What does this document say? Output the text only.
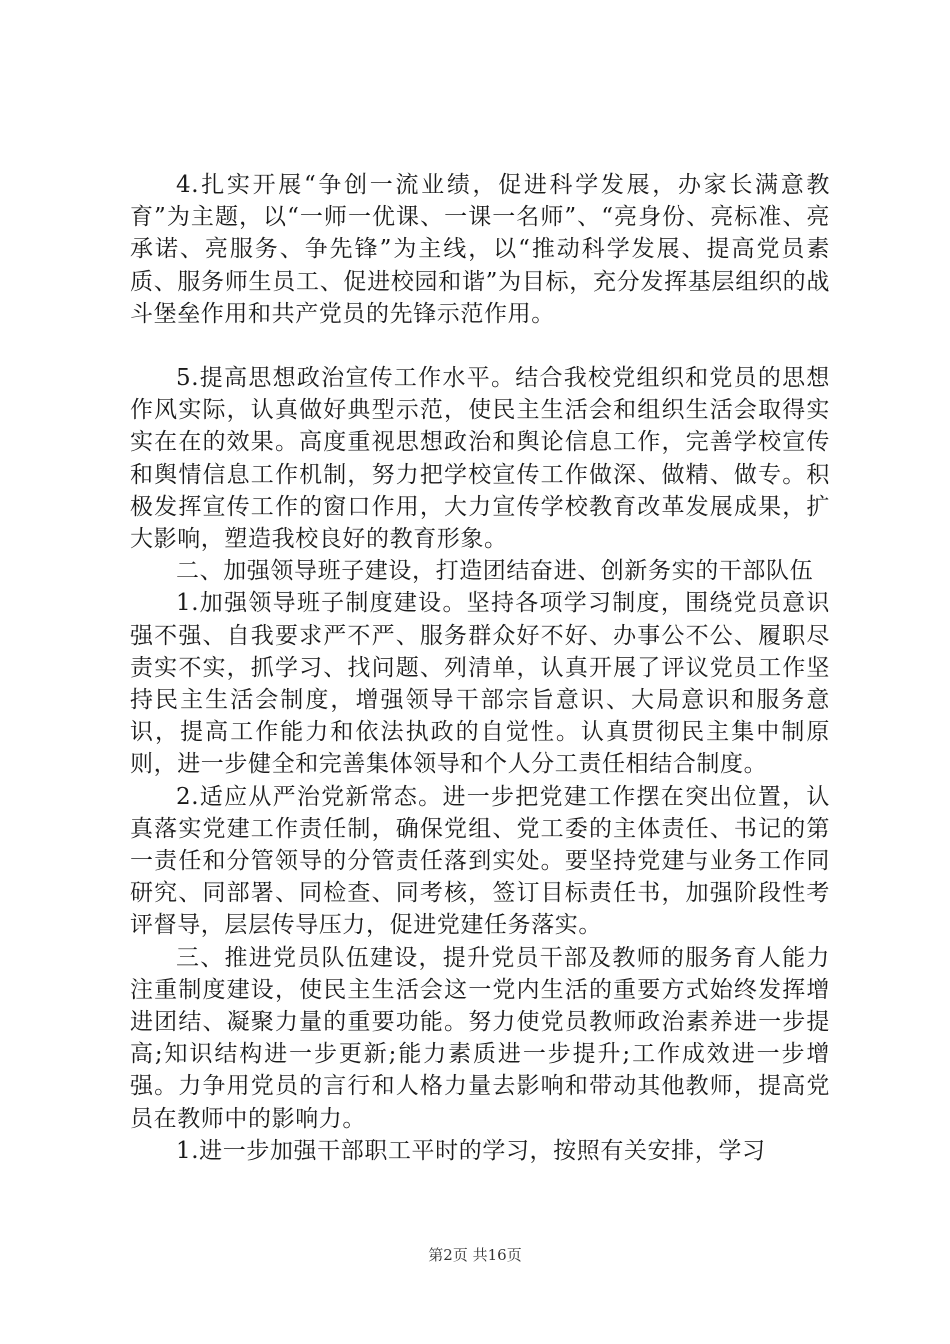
4.扎实开展“争创一流业绩，促进科学发展，办家长满意教育”为主题，以“一师一优课、一课一名师”、“亮身份、亮标准、亮承诺、亮服务、争先锋”为主线，以“推动科学发展、提高党员素质、服务师生员工、促进校园和谐”为目标，充分发挥基层组织的战斗堡垒作用和共产党员的先锋示范作用。

5.提高思想政治宣传工作水平。结合我校党组织和党员的思想作风实际，认真做好典型示范，使民主生活会和组织生活会取得实实在在的效果。高度重视思想政治和舆论信息工作，完善学校宣传和舆情信息工作机制，努力把学校宣传工作做深、做精、做专。积极发挥宣传工作的窗口作用，大力宣传学校教育改革发展成果，扩大影响，塑造我校良好的教育形象。

二、加强领导班子建设，打造团结奋进、创新务实的干部队伍

1.加强领导班子制度建设。坚持各项学习制度，围绕党员意识强不强、自我要求严不严、服务群众好不好、办事公不公、履职尽责实不实，抓学习、找问题、列清单，认真开展了评议党员工作坚持民主生活会制度，增强领导干部宗旨意识、大局意识和服务意识，提高工作能力和依法执政的自觉性。认真贯彻民主集中制原则，进一步健全和完善集体领导和个人分工责任相结合制度。

2.适应从严治党新常态。进一步把党建工作摆在突出位置，认真落实党建工作责任制，确保党组、党工委的主体责任、书记的第一责任和分管领导的分管责任落到实处。要坚持党建与业务工作同研究、同部署、同检查、同考核，签订目标责任书，加强阶段性考评督导，层层传导压力，促进党建任务落实。

三、推进党员队伍建设，提升党员干部及教师的服务育人能力注重制度建设，使民主生活会这一党内生活的重要方式始终发挥增进团结、凝聚力量的重要功能。努力使党员教师政治素养进一步提高;知识结构进一步更新;能力素质进一步提升;工作成效进一步增强。力争用党员的言行和人格力量去影响和带动其他教师，提高党员在教师中的影响力。

1.进一步加强干部职工平时的学习，按照有关安排，学习

第2页 共16页
